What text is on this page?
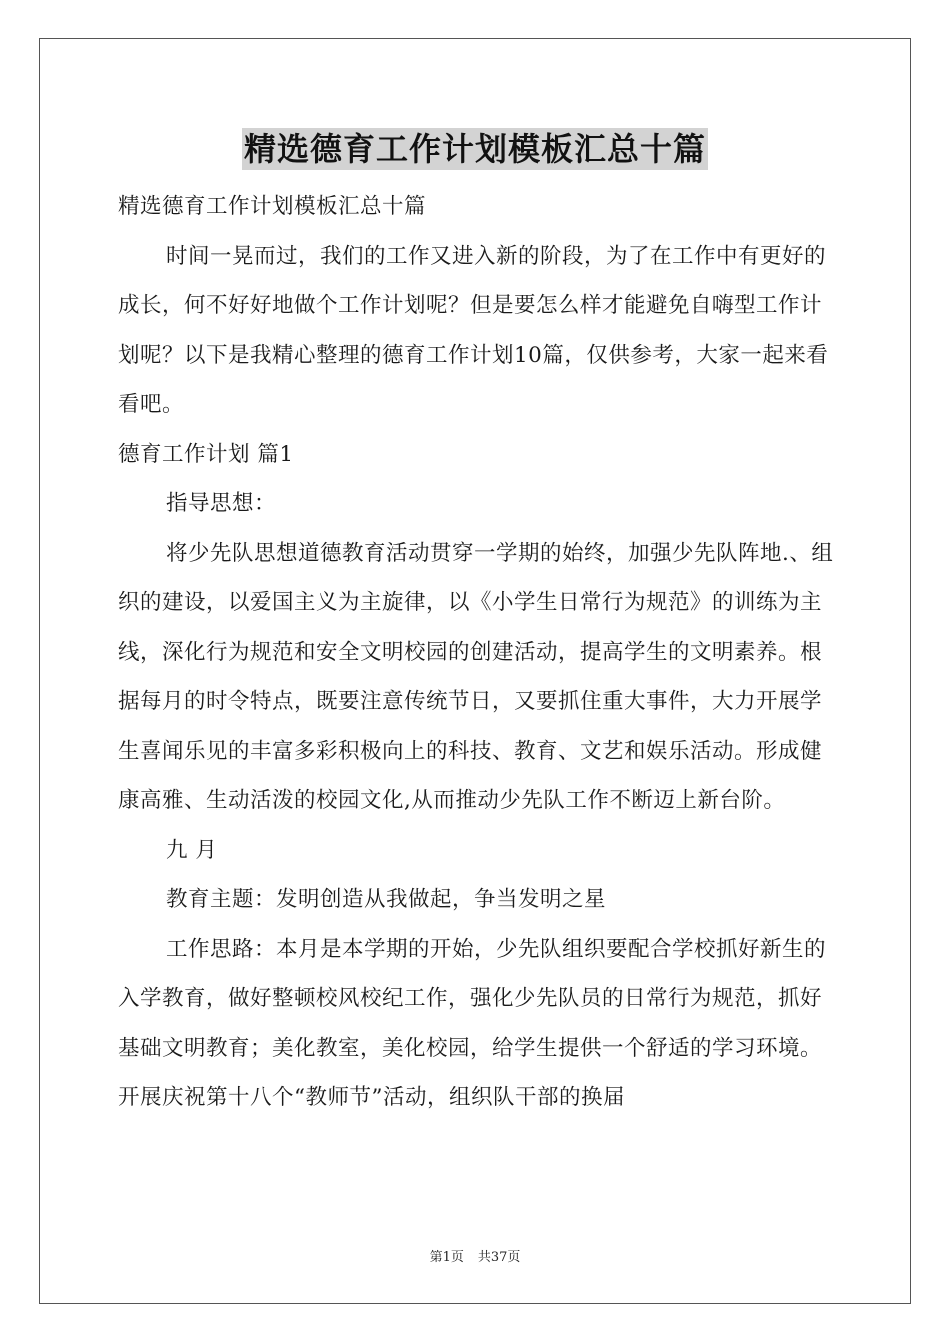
精选德育工作计划模板汇总十篇

精选德育工作计划模板汇总十篇

时间一晃而过，我们的工作又进入新的阶段，为了在工作中有更好的成长，何不好好地做个工作计划呢？但是要怎么样才能避免自嗨型工作计划呢？以下是我精心整理的德育工作计划10篇，仅供参考，大家一起来看看吧。

德育工作计划 篇1

指导思想：

将少先队思想道德教育活动贯穿一学期的始终，加强少先队阵地.、组织的建设，以爱国主义为主旋律，以《小学生日常行为规范》的训练为主线，深化行为规范和安全文明校园的创建活动，提高学生的文明素养。根据每月的时令特点，既要注意传统节日，又要抓住重大事件，大力开展学生喜闻乐见的丰富多彩积极向上的科技、教育、文艺和娱乐活动。形成健康高雅、生动活泼的校园文化,从而推动少先队工作不断迈上新台阶。

九 月

教育主题：发明创造从我做起，争当发明之星

工作思路：本月是本学期的开始，少先队组织要配合学校抓好新生的入学教育，做好整顿校风校纪工作，强化少先队员的日常行为规范，抓好基础文明教育；美化教室，美化校园，给学生提供一个舒适的学习环境。开展庆祝第十八个“教师节”活动，组织队干部的换届

第1页 共37页
